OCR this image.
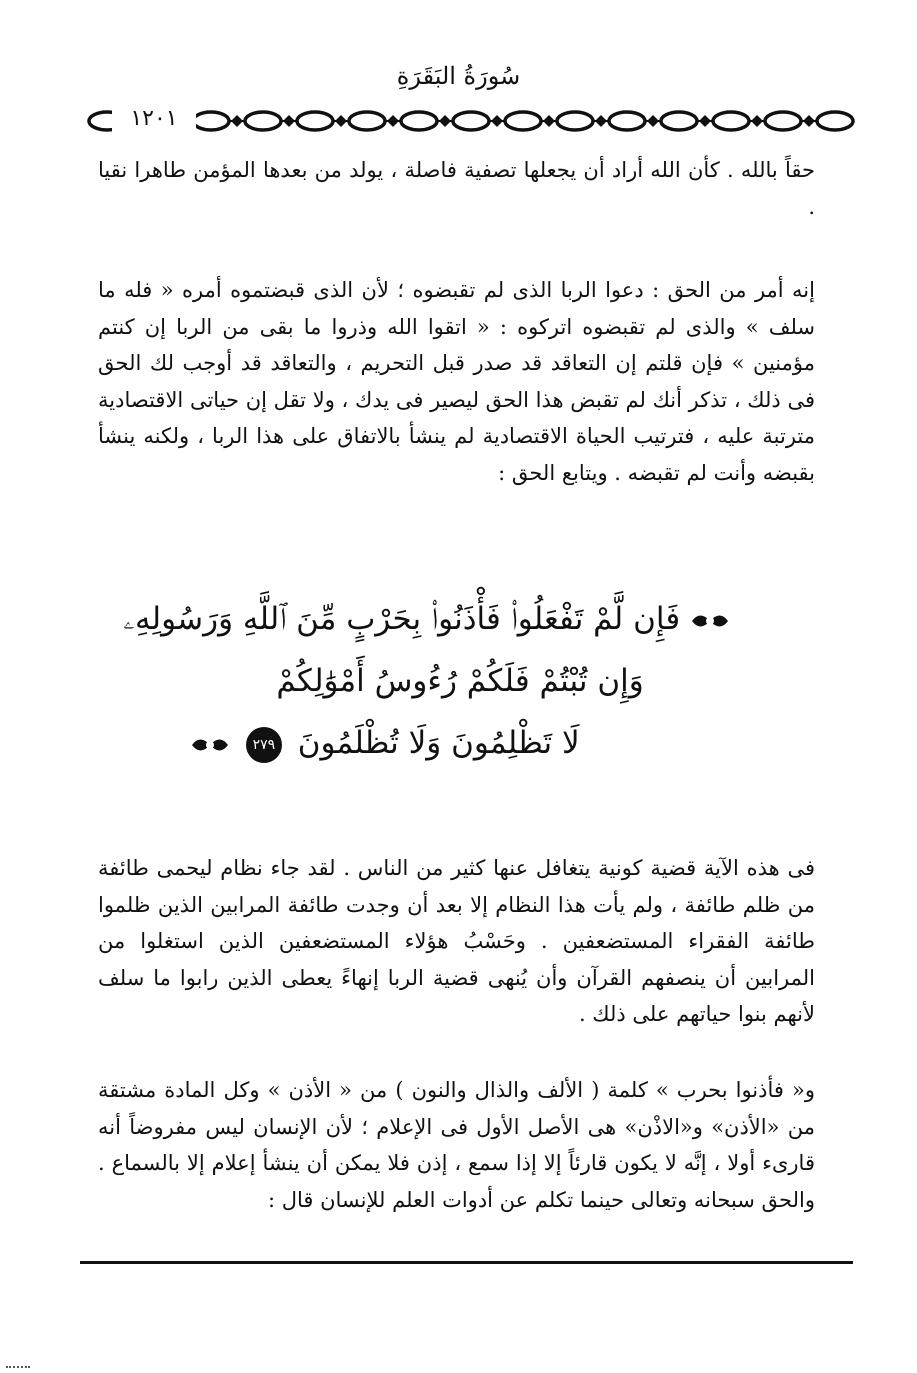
سُورَةُ البَقَرَةِ
١٢٠١

حقاً بالله . كأن الله أراد أن يجعلها تصفية فاصلة ، يولد من بعدها المؤمن طاهرا نقيا .

إنه أمر من الحق : دعوا الربا الذى لم تقبضوه ؛ لأن الذى قبضتموه أمره « فله ما سلف » والذى لم تقبضوه اتركوه : « اتقوا الله وذروا ما بقى من الربا إن كنتم مؤمنين » فإن قلتم إن التعاقد قد صدر قبل التحريم ، والتعاقد قد أوجب لك الحق فى ذلك ، تذكر أنك لم تقبض هذا الحق ليصير فى يدك ، ولا تقل إن حياتى الاقتصادية مترتبة عليه ، فترتيب الحياة الاقتصادية لم ينشأ بالاتفاق على هذا الربا ، ولكنه ينشأ بقبضه وأنت لم تقبضه . ويتابع الحق :

فَإِن لَّمْ تَفْعَلُوا۟ فَأْذَنُوا۟ بِحَرْبٍ مِّنَ ٱللَّهِ وَرَسُولِهِۦ
وَإِن تُبْتُمْ فَلَكُمْ رُءُوسُ أَمْوَٰلِكُمْ
لَا تَظْلِمُونَ وَلَا تُظْلَمُونَ ٢٧٩

فى هذه الآية قضية كونية يتغافل عنها كثير من الناس . لقد جاء نظام ليحمى طائفة من ظلم طائفة ، ولم يأت هذا النظام إلا بعد أن وجدت طائفة المرابين الذين ظلموا طائفة الفقراء المستضعفين . وحَسْبُ هؤلاء المستضعفين الذين استغلوا من المرابين أن ينصفهم القرآن وأن يُنهى قضية الربا إنهاءً يعطى الذين رابوا ما سلف لأنهم بنوا حياتهم على ذلك .

و« فأذنوا بحرب » كلمة ( الألف والذال والنون ) من « الأذن » وكل المادة مشتقة من «الأذن» و«الاذْن» هى الأصل الأول فى الإعلام ؛ لأن الإنسان ليس مفروضاً أنه قارىء أولا ، إنَّه لا يكون قارئاً إلا إذا سمع ، إذن فلا يمكن أن ينشأ إعلام إلا بالسماع . والحق سبحانه وتعالى حينما تكلم عن أدوات العلم للإنسان قال :
